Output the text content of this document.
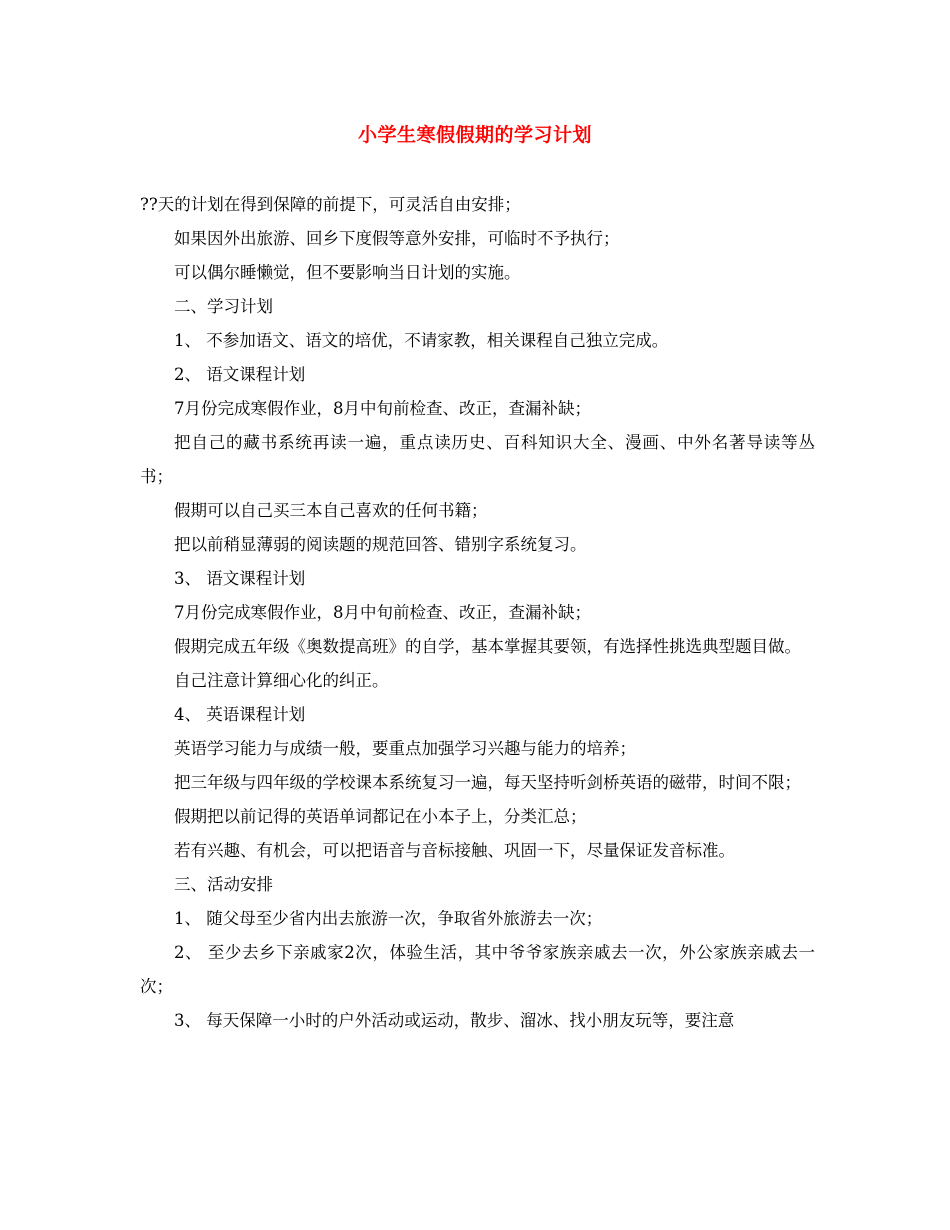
小学生寒假假期的学习计划
??天的计划在得到保障的前提下，可灵活自由安排；
如果因外出旅游、回乡下度假等意外安排，可临时不予执行；
可以偶尔睡懒觉，但不要影响当日计划的实施。
二、学习计划
1、 不参加语文、语文的培优，不请家教，相关课程自己独立完成。
2、 语文课程计划
7月份完成寒假作业，8月中旬前检查、改正，查漏补缺；
把自己的藏书系统再读一遍，重点读历史、百科知识大全、漫画、中外名著导读等丛书；
假期可以自己买三本自己喜欢的任何书籍；
把以前稍显薄弱的阅读题的规范回答、错别字系统复习。
3、 语文课程计划
7月份完成寒假作业，8月中旬前检查、改正，查漏补缺；
假期完成五年级《奥数提高班》的自学，基本掌握其要领，有选择性挑选典型题目做。
自己注意计算细心化的纠正。
4、 英语课程计划
英语学习能力与成绩一般，要重点加强学习兴趣与能力的培养；
把三年级与四年级的学校课本系统复习一遍，每天坚持听剑桥英语的磁带，时间不限；
假期把以前记得的英语单词都记在小本子上，分类汇总；
若有兴趣、有机会，可以把语音与音标接触、巩固一下，尽量保证发音标准。
三、活动安排
1、 随父母至少省内出去旅游一次，争取省外旅游去一次；
2、 至少去乡下亲戚家2次，体验生活，其中爷爷家族亲戚去一次，外公家族亲戚去一次；
3、 每天保障一小时的户外活动或运动，散步、溜冰、找小朋友玩等，要注意
